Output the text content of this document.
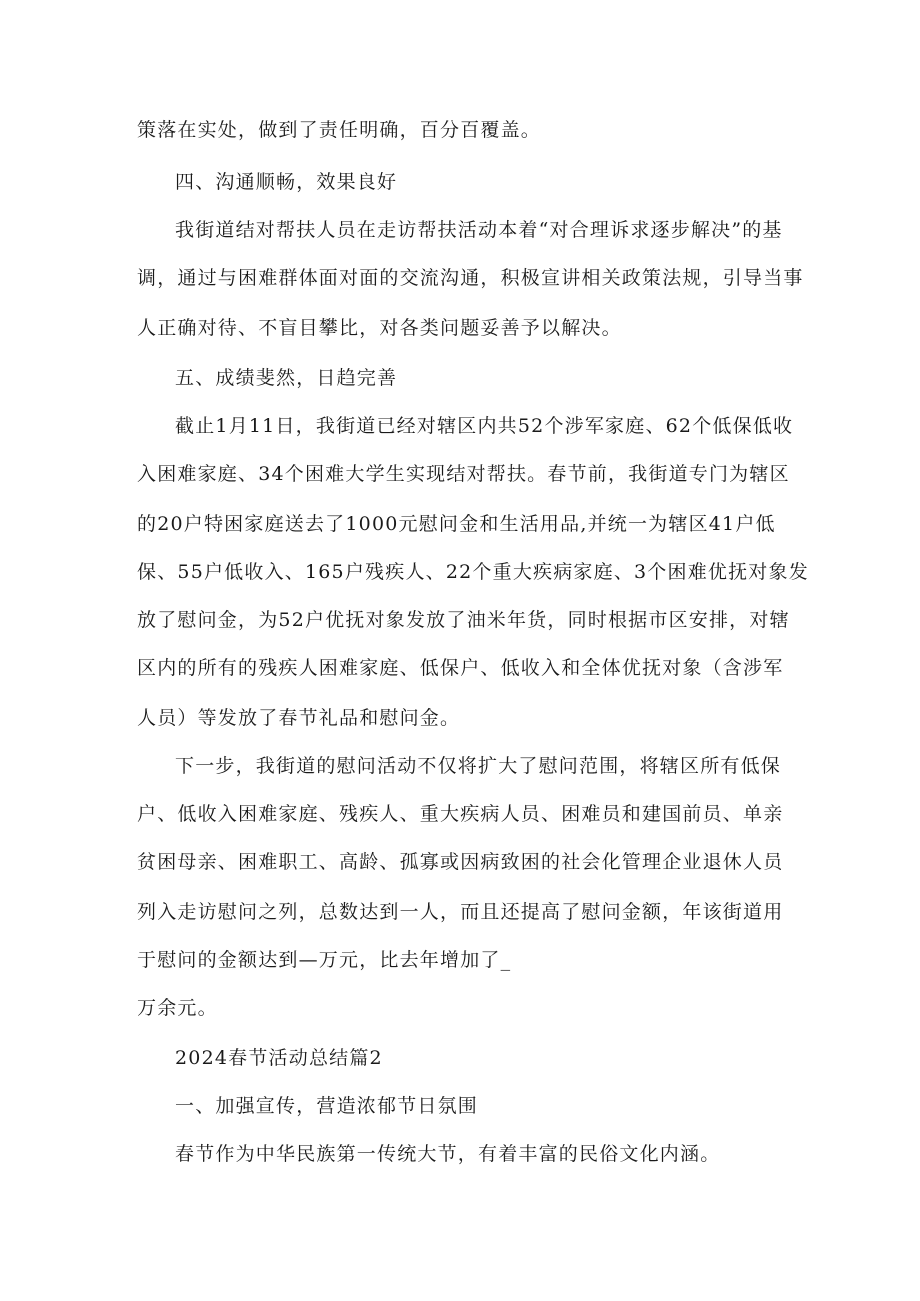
策落在实处，做到了责任明确，百分百覆盖。
四、沟通顺畅，效果良好
我街道结对帮扶人员在走访帮扶活动本着“对合理诉求逐步解决”的基
调，通过与困难群体面对面的交流沟通，积极宣讲相关政策法规，引导当事
人正确对待、不盲目攀比，对各类问题妥善予以解决。
五、成绩斐然，日趋完善
截止1月11日，我街道已经对辖区内共52个涉军家庭、62个低保低收
入困难家庭、34个困难大学生实现结对帮扶。春节前，我街道专门为辖区
的20户特困家庭送去了1000元慰问金和生活用品,并统一为辖区41户低
保、55户低收入、165户残疾人、22个重大疾病家庭、3个困难优抚对象发
放了慰问金，为52户优抚对象发放了油米年货，同时根据市区安排，对辖
区内的所有的残疾人困难家庭、低保户、低收入和全体优抚对象（含涉军
人员）等发放了春节礼品和慰问金。
下一步，我街道的慰问活动不仅将扩大了慰问范围，将辖区所有低保
户、低收入困难家庭、残疾人、重大疾病人员、困难员和建国前员、单亲
贫困母亲、困难职工、高龄、孤寡或因病致困的社会化管理企业退休人员
列入走访慰问之列，总数达到一人，而且还提高了慰问金额，年该街道用
于慰问的金额达到—万元，比去年增加了_
万余元。
2024春节活动总结篇2
一、加强宣传，营造浓郁节日氛围
春节作为中华民族第一传统大节，有着丰富的民俗文化内涵。
